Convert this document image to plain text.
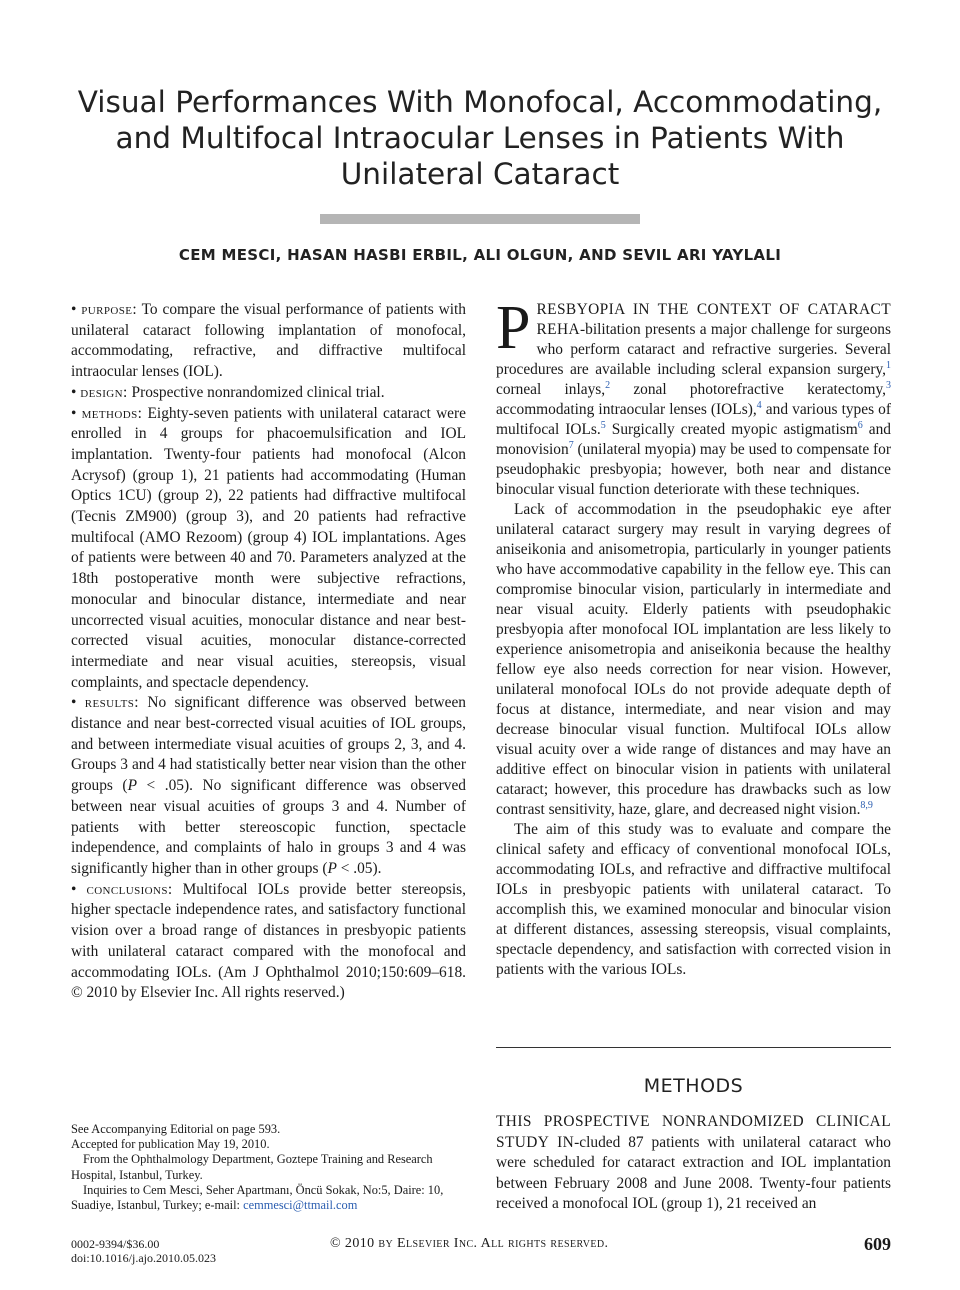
Visual Performances With Monofocal, Accommodating,
and Multifocal Intraocular Lenses in Patients With
Unilateral Cataract
CEM MESCI, HASAN HASBI ERBIL, ALI OLGUN, AND SEVIL ARI YAYLALI

• purpose: To compare the visual performance of patients with unilateral cataract following implantation of monofocal, accommodating, refractive, and diffractive multifocal intraocular lenses (IOL).

• design: Prospective nonrandomized clinical trial.

• methods: Eighty-seven patients with unilateral cataract were enrolled in 4 groups for phacoemulsification and IOL implantation. Twenty-four patients had monofocal (Alcon Acrysof) (group 1), 21 patients had accommodating (Human Optics 1CU) (group 2), 22 patients had diffractive multifocal (Tecnis ZM900) (group 3), and 20 patients had refractive multifocal (AMO Rezoom) (group 4) IOL implantations. Ages of patients were between 40 and 70. Parameters analyzed at the 18th postoperative month were subjective refractions, monocular and binocular distance, intermediate and near uncorrected visual acuities, monocular distance and near best-corrected visual acuities, monocular distance-corrected intermediate and near visual acuities, stereopsis, visual complaints, and spectacle dependency.

• results: No significant difference was observed between distance and near best-corrected visual acuities of IOL groups, and between intermediate visual acuities of groups 2, 3, and 4. Groups 3 and 4 had statistically better near vision than the other groups (P < .05). No significant difference was observed between near visual acuities of groups 3 and 4. Number of patients with better stereoscopic function, spectacle independence, and complaints of halo in groups 3 and 4 was significantly higher than in other groups (P < .05).

• conclusions: Multifocal IOLs provide better stereopsis, higher spectacle independence rates, and satisfactory functional vision over a broad range of distances in presbyopic patients with unilateral cataract compared with the monofocal and accommodating IOLs. (Am J Ophthalmol 2010;150:609–618. © 2010 by Elsevier Inc. All rights reserved.)

PRESBYOPIA IN THE CONTEXT OF CATARACT REHA-bilitation presents a major challenge for surgeons who perform cataract and refractive surgeries. Several procedures are available including scleral expansion surgery,$^1$ corneal inlays,$^2$ zonal photorefractive keratectomy,$^3$ accommodating intraocular lenses (IOLs),$^4$ and various types of multifocal IOLs.$^5$ Surgically created myopic astigmatism$^6$ and monovision$^7$ (unilateral myopia) may be used to compensate for pseudophakic presbyopia; however, both near and distance binocular visual function deteriorate with these techniques.

Lack of accommodation in the pseudophakic eye after unilateral cataract surgery may result in varying degrees of aniseikonia and anisometropia, particularly in younger patients who have accommodative capability in the fellow eye. This can compromise binocular vision, particularly in intermediate and near visual acuity. Elderly patients with pseudophakic presbyopia after monofocal IOL implantation are less likely to experience anisometropia and aniseikonia because the healthy fellow eye also needs correction for near vision. However, unilateral monofocal IOLs do not provide adequate depth of focus at distance, intermediate, and near vision and may decrease binocular visual function. Multifocal IOLs allow visual acuity over a wide range of distances and may have an additive effect on binocular vision in patients with unilateral cataract; however, this procedure has drawbacks such as low contrast sensitivity, haze, glare, and decreased night vision.$^{8,9}$

The aim of this study was to evaluate and compare the clinical safety and efficacy of conventional monofocal IOLs, accommodating IOLs, and refractive and diffractive multifocal IOLs in presbyopic patients with unilateral cataract. To accomplish this, we examined monocular and binocular vision at different distances, assessing stereopsis, visual complaints, spectacle dependency, and satisfaction with corrected vision in patients with the various IOLs.

METHODS

THIS PROSPECTIVE NONRANDOMIZED CLINICAL STUDY IN-cluded 87 patients with unilateral cataract who were scheduled for cataract extraction and IOL implantation between February 2008 and June 2008. Twenty-four patients received a monofocal IOL (group 1), 21 received an

See Accompanying Editorial on page 593.

Accepted for publication May 19, 2010.

From the Ophthalmology Department, Goztepe Training and Research Hospital, Istanbul, Turkey.

Inquiries to Cem Mesci, Seher Apartmanı, Öncü Sokak, No:5, Daire: 10, Suadiye, Istanbul, Turkey; e-mail: cemmesci@ttmail.com

0002-9394/$36.00
doi:10.1016/j.ajo.2010.05.023
© 2010 by Elsevier Inc. All rights reserved.	609
